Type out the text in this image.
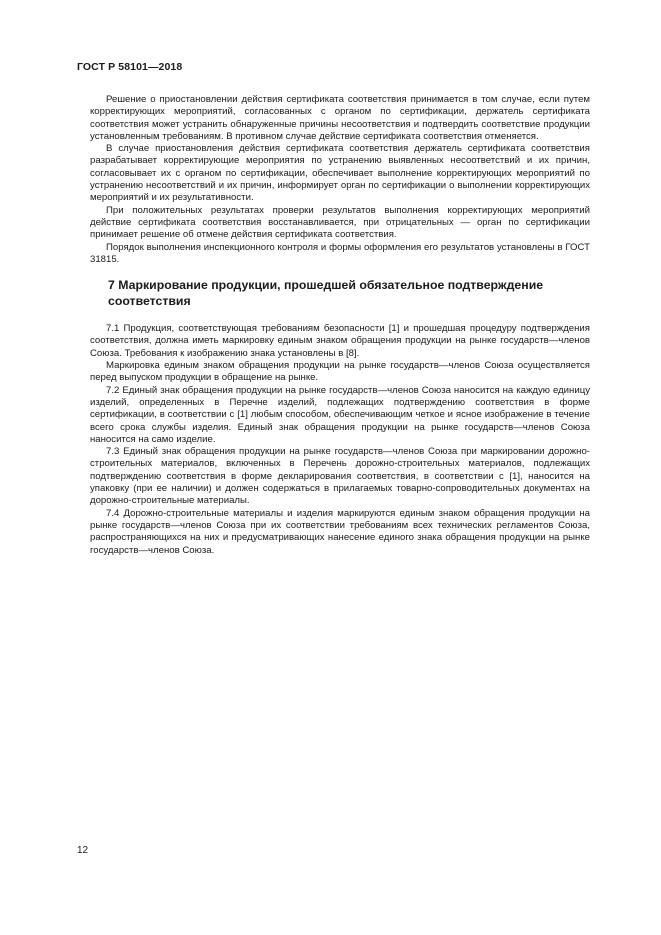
ГОСТ Р 58101—2018

Решение о приостановлении действия сертификата соответствия принимается в том случае, если путем корректирующих мероприятий, согласованных с органом по сертификации, держатель сертификата соответствия может устранить обнаруженные причины несоответствия и подтвердить соответствие продукции установленным требованиям. В противном случае действие сертификата соответствия отменяется.

В случае приостановления действия сертификата соответствия держатель сертификата соответствия разрабатывает корректирующие мероприятия по устранению выявленных несоответствий и их причин, согласовывает их с органом по сертификации, обеспечивает выполнение корректирующих мероприятий по устранению несоответствий и их причин, информирует орган по сертификации о выполнении корректирующих мероприятий и их результативности.

При положительных результатах проверки результатов выполнения корректирующих мероприятий действие сертификата соответствия восстанавливается, при отрицательных — орган по сертификации принимает решение об отмене действия сертификата соответствия.

Порядок выполнения инспекционного контроля и формы оформления его результатов установлены в ГОСТ 31815.

7 Маркирование продукции, прошедшей обязательное подтверждение соответствия

7.1 Продукция, соответствующая требованиям безопасности [1] и прошедшая процедуру подтверждения соответствия, должна иметь маркировку единым знаком обращения продукции на рынке государств—членов Союза. Требования к изображению знака установлены в [8].

Маркировка единым знаком обращения продукции на рынке государств—членов Союза осуществляется перед выпуском продукции в обращение на рынке.

7.2 Единый знак обращения продукции на рынке государств—членов Союза наносится на каждую единицу изделий, определенных в Перечне изделий, подлежащих подтверждению соответствия в форме сертификации, в соответствии с [1] любым способом, обеспечивающим четкое и ясное изображение в течение всего срока службы изделия. Единый знак обращения продукции на рынке государств—членов Союза наносится на само изделие.

7.3 Единый знак обращения продукции на рынке государств—членов Союза при маркировании дорожно-строительных материалов, включенных в Перечень дорожно-строительных материалов, подлежащих подтверждению соответствия в форме декларирования соответствия, в соответствии с [1], наносится на упаковку (при ее наличии) и должен содержаться в прилагаемых товарно-сопроводительных документах на дорожно-строительные материалы.

7.4 Дорожно-строительные материалы и изделия маркируются единым знаком обращения продукции на рынке государств—членов Союза при их соответствии требованиям всех технических регламентов Союза, распространяющихся на них и предусматривающих нанесение единого знака обращения продукции на рынке государств—членов Союза.

12
